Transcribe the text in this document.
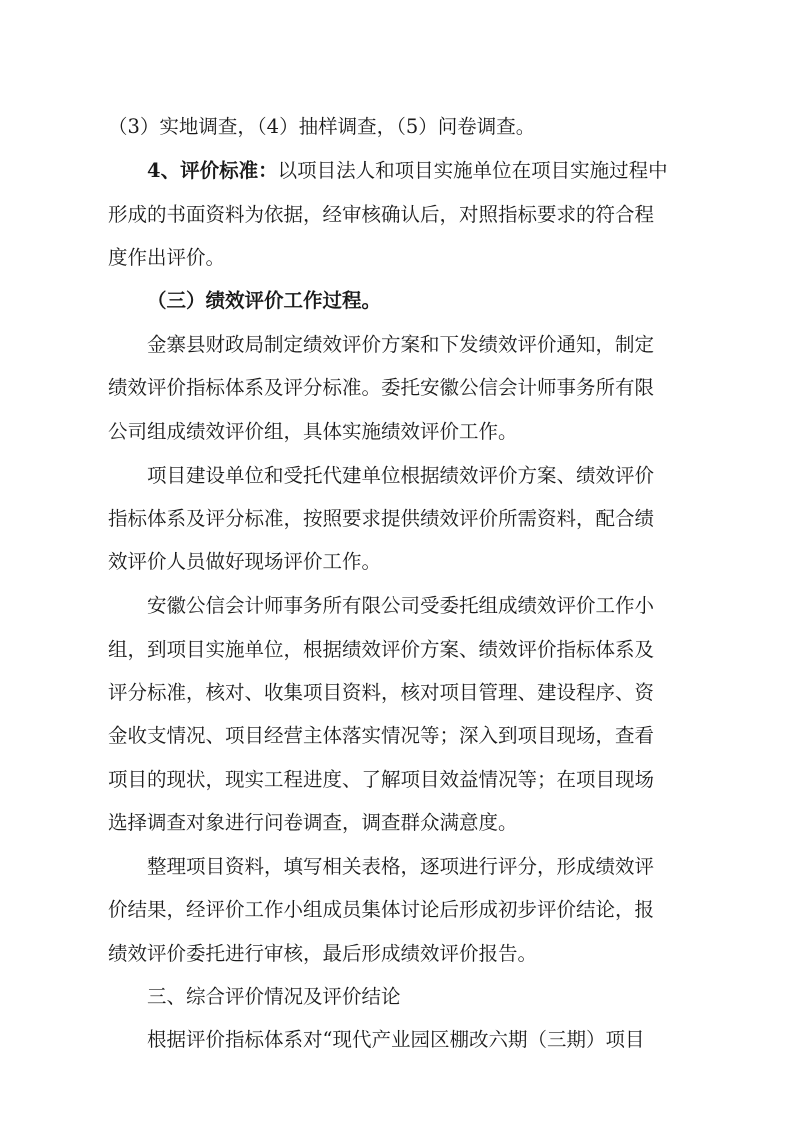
（3）实地调查，（4）抽样调查，（5）问卷调查。
4、评价标准：以项目法人和项目实施单位在项目实施过程中
形成的书面资料为依据，经审核确认后，对照指标要求的符合程
度作出评价。
（三）绩效评价工作过程。
金寨县财政局制定绩效评价方案和下发绩效评价通知，制定
绩效评价指标体系及评分标准。委托安徽公信会计师事务所有限
公司组成绩效评价组，具体实施绩效评价工作。
项目建设单位和受托代建单位根据绩效评价方案、绩效评价
指标体系及评分标准，按照要求提供绩效评价所需资料，配合绩
效评价人员做好现场评价工作。
安徽公信会计师事务所有限公司受委托组成绩效评价工作小
组，到项目实施单位，根据绩效评价方案、绩效评价指标体系及
评分标准，核对、收集项目资料，核对项目管理、建设程序、资
金收支情况、项目经营主体落实情况等；深入到项目现场，查看
项目的现状，现实工程进度、了解项目效益情况等；在项目现场
选择调查对象进行问卷调查，调查群众满意度。
整理项目资料，填写相关表格，逐项进行评分，形成绩效评
价结果，经评价工作小组成员集体讨论后形成初步评价结论，报
绩效评价委托进行审核，最后形成绩效评价报告。
三、综合评价情况及评价结论
根据评价指标体系对“现代产业园区棚改六期（三期）项目
